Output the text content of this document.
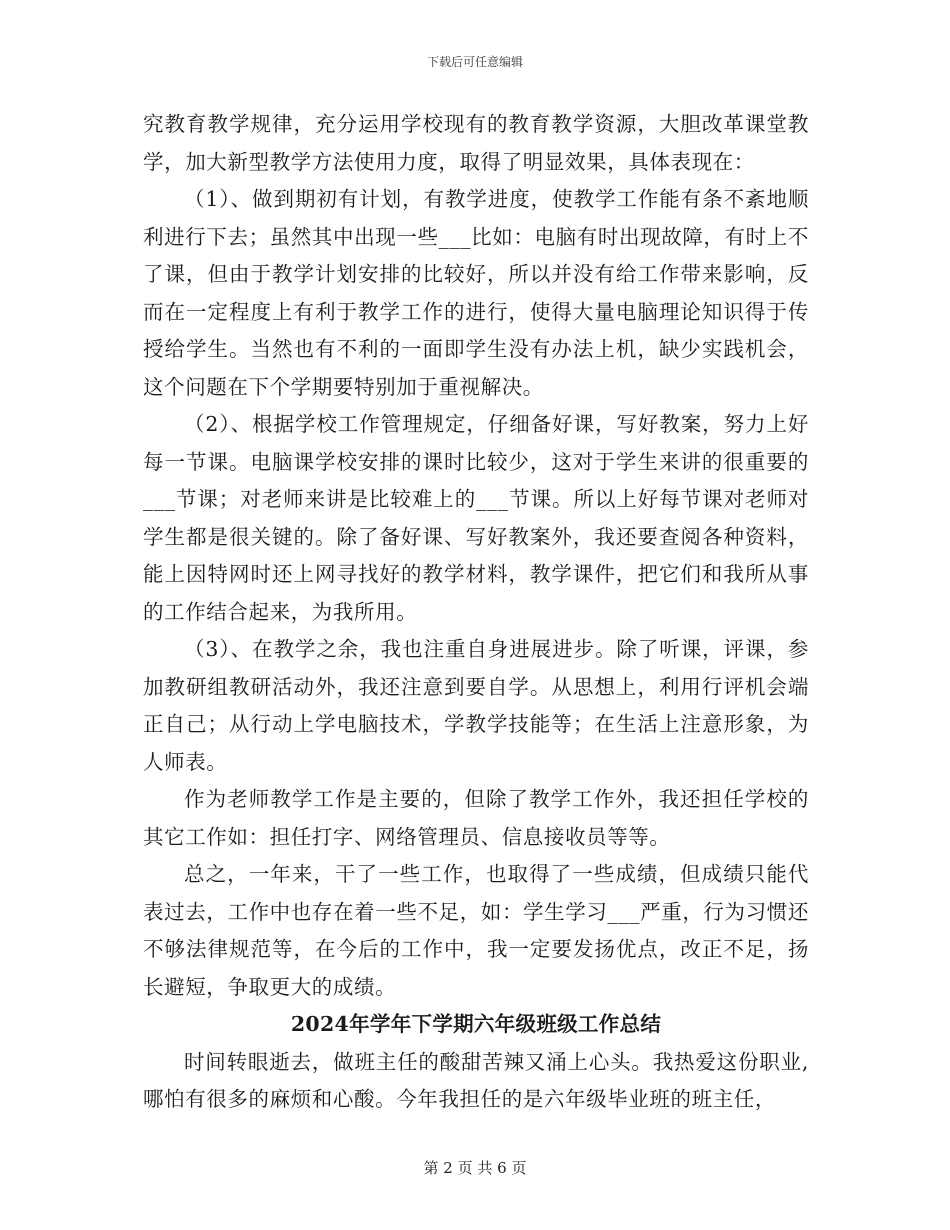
下载后可任意编辑

究教育教学规律，充分运用学校现有的教育教学资源，大胆改革课堂教学，加大新型教学方法使用力度，取得了明显效果，具体表现在：

（1）、做到期初有计划，有教学进度，使教学工作能有条不紊地顺利进行下去；虽然其中出现一些___比如：电脑有时出现故障，有时上不了课，但由于教学计划安排的比较好，所以并没有给工作带来影响，反而在一定程度上有利于教学工作的进行，使得大量电脑理论知识得于传授给学生。当然也有不利的一面即学生没有办法上机，缺少实践机会，这个问题在下个学期要特别加于重视解决。

（2）、根据学校工作管理规定，仔细备好课，写好教案，努力上好每一节课。电脑课学校安排的课时比较少，这对于学生来讲的很重要的___节课；对老师来讲是比较难上的___节课。所以上好每节课对老师对学生都是很关键的。除了备好课、写好教案外，我还要查阅各种资料，能上因特网时还上网寻找好的教学材料，教学课件，把它们和我所从事的工作结合起来，为我所用。

（3）、在教学之余，我也注重自身进展进步。除了听课，评课，参加教研组教研活动外，我还注意到要自学。从思想上，利用行评机会端正自己；从行动上学电脑技术，学教学技能等；在生活上注意形象，为人师表。

作为老师教学工作是主要的，但除了教学工作外，我还担任学校的其它工作如：担任打字、网络管理员、信息接收员等等。

总之，一年来，干了一些工作，也取得了一些成绩，但成绩只能代表过去，工作中也存在着一些不足，如：学生学习___严重，行为习惯还不够法律规范等，在今后的工作中，我一定要发扬优点，改正不足，扬长避短，争取更大的成绩。

2024年学年下学期六年级班级工作总结

时间转眼逝去，做班主任的酸甜苦辣又涌上心头。我热爱这份职业,哪怕有很多的麻烦和心酸。今年我担任的是六年级毕业班的班主任，

第 2 页 共 6 页
